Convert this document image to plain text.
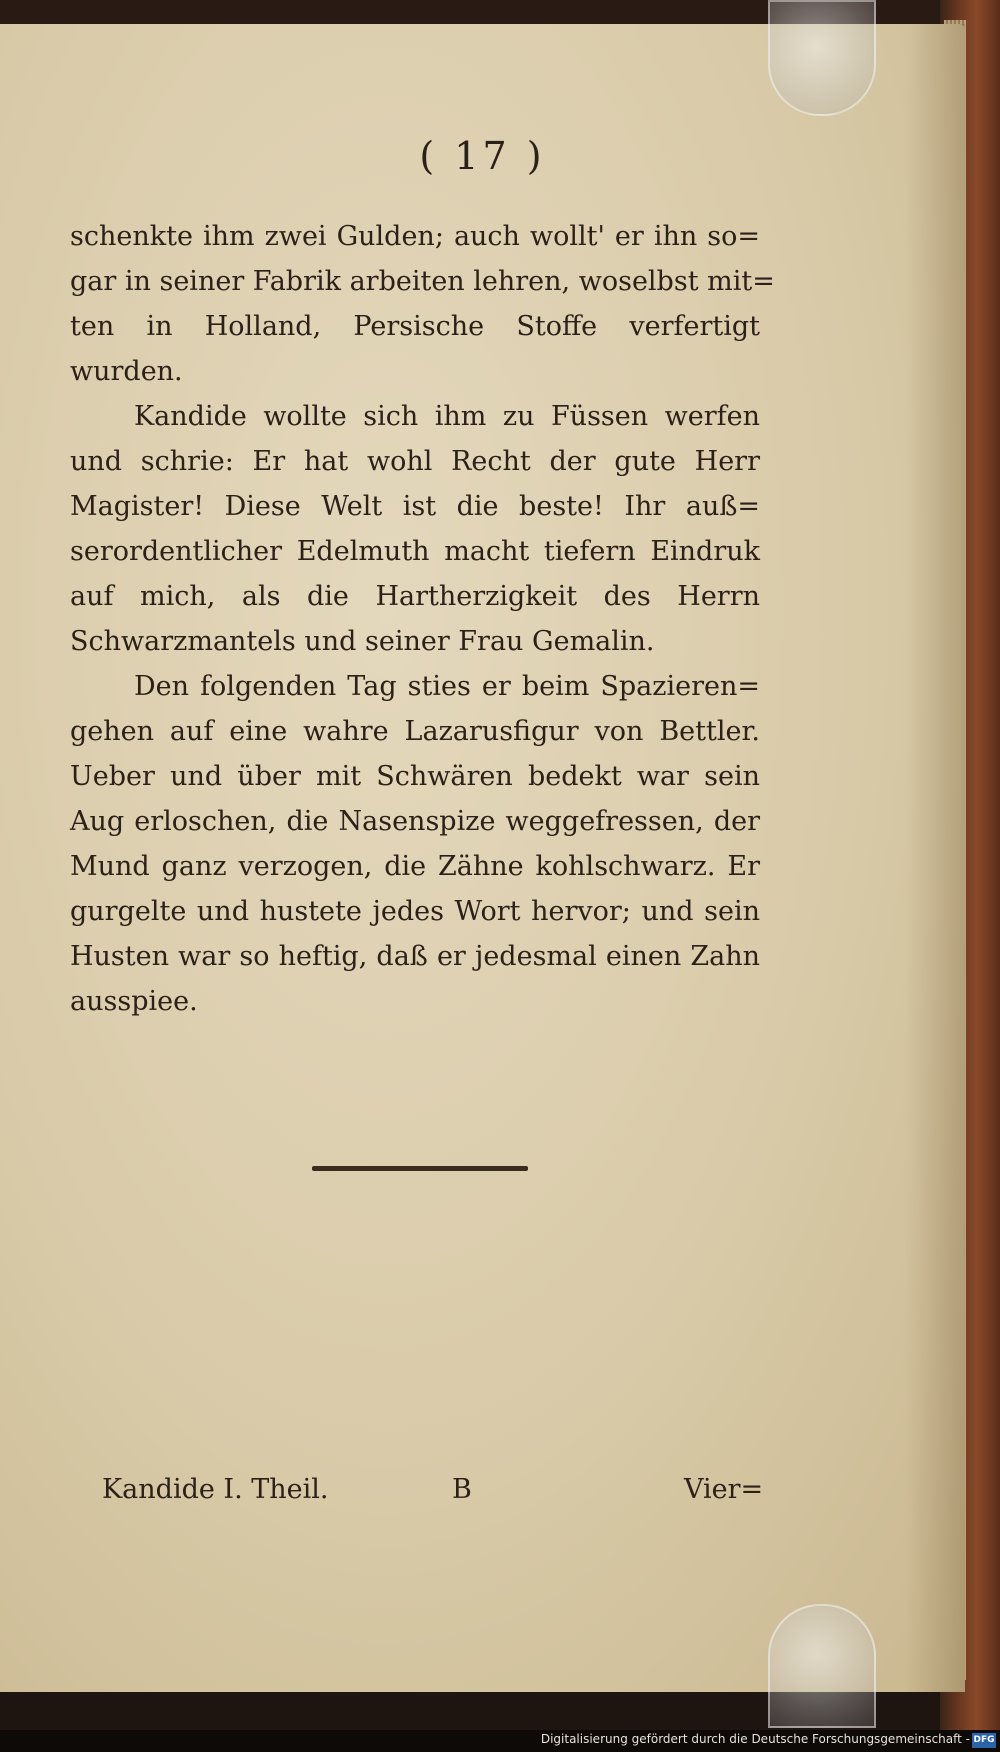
( 17 )
schenkte ihm zwei Gulden; auch wollt' er ihn so=
gar in seiner Fabrik arbeiten lehren, woselbst mit=
ten in Holland, Persische Stoffe verfertigt
wurden.
Kandide wollte sich ihm zu Füssen werfen
und schrie: Er hat wohl Recht der gute Herr
Magister! Diese Welt ist die beste! Ihr auß=
serordentlicher Edelmuth macht tiefern Eindruk
auf mich, als die Hartherzigkeit des Herrn
Schwarzmantels und seiner Frau Gemalin.
Den folgenden Tag sties er beim Spazieren=
gehen auf eine wahre Lazarusfigur von Bettler.
Ueber und über mit Schwären bedekt war sein
Aug erloschen, die Nasenspize weggefressen, der
Mund ganz verzogen, die Zähne kohlschwarz. Er
gurgelte und hustete jedes Wort hervor; und sein
Husten war so heftig, daß er jedesmal einen Zahn
ausspiee.
Kandide I. Theil.	B	Vier=
Digitalisierung gefördert durch die Deutsche Forschungsgemeinschaft - DFG
